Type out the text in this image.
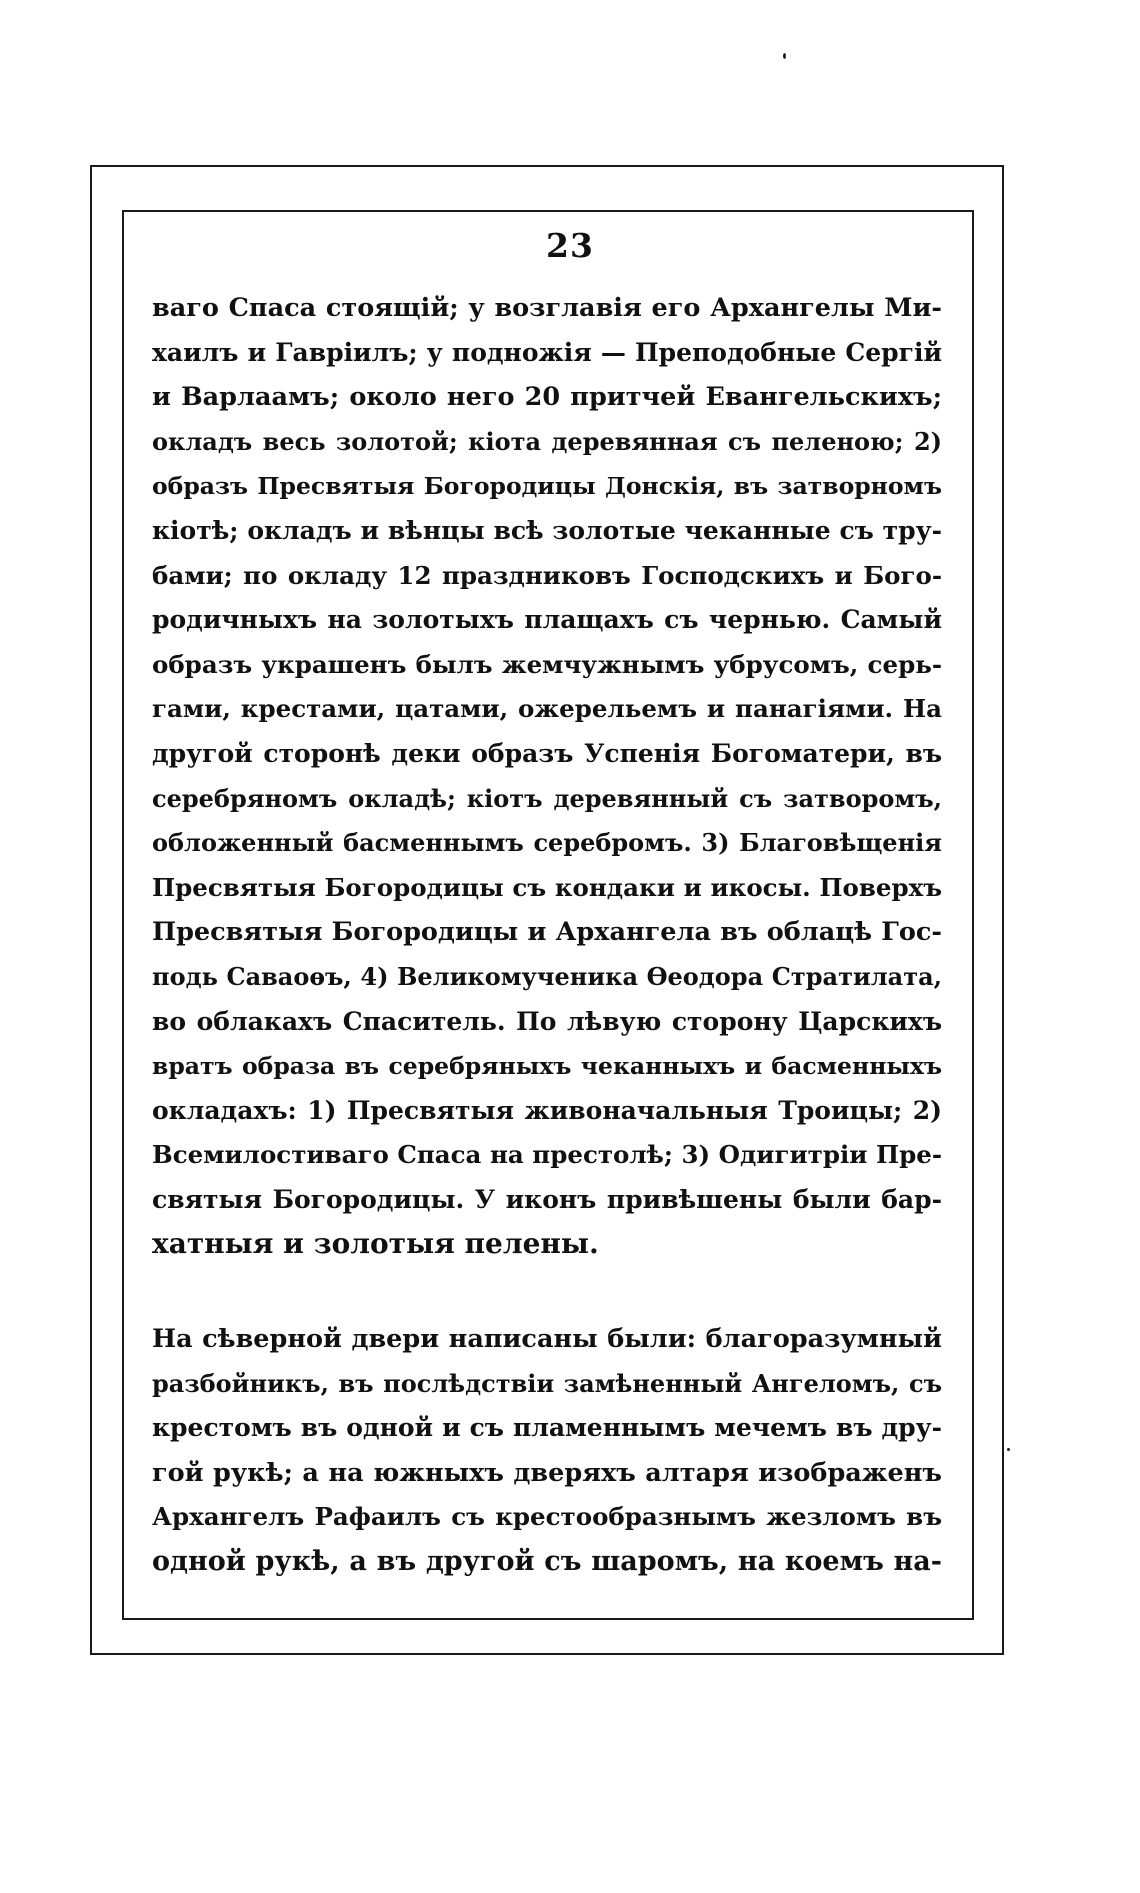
23
ваго Спаса стоящій; у возглавія его Архангелы Ми-
хаилъ и Гавріилъ; у подножія — Преподобные Сергій
и Варлаамъ; около него 20 притчей Евангельскихъ;
окладъ весь золотой; кіота деревянная съ пеленою; 2)
образъ Пресвятыя Богородицы Донскія, въ затворномъ
кіотѣ; окладъ и вѣнцы всѣ золотые чеканные съ тру-
бами; по окладу 12 праздниковъ Господскихъ и Бого-
родичныхъ на золотыхъ плащахъ съ чернью. Самый
образъ украшенъ былъ жемчужнымъ убрусомъ, серь-
гами, крестами, цатами, ожерельемъ и панагіями. На
другой сторонѣ деки образъ Успенія Богоматери, въ
серебряномъ окладѣ; кіотъ деревянный съ затворомъ,
обложенный басменнымъ серебромъ. 3) Благовѣщенія
Пресвятыя Богородицы съ кондаки и икосы. Поверхъ
Пресвятыя Богородицы и Архангела въ облацѣ Гос-
подь Саваоѳъ, 4) Великомученика Ѳеодора Стратилата,
во облакахъ Спаситель. По лѣвую сторону Царскихъ
вратъ образа въ серебряныхъ чеканныхъ и басменныхъ
окладахъ: 1) Пресвятыя живоначальныя Троицы; 2)
Всемилостиваго Спаса на престолѣ; 3) Одигитріи Пре-
святыя Богородицы. У иконъ привѣшены были бар-
хатныя и золотыя пелены.
На сѣверной двери написаны были: благоразумный
разбойникъ, въ послѣдствіи замѣненный Ангеломъ, съ
крестомъ въ одной и съ пламеннымъ мечемъ въ дру-
гой рукѣ; а на южныхъ дверяхъ алтаря изображенъ
Архангелъ Рафаилъ съ крестообразнымъ жезломъ въ
одной рукѣ, а въ другой съ шаромъ, на коемъ на-
